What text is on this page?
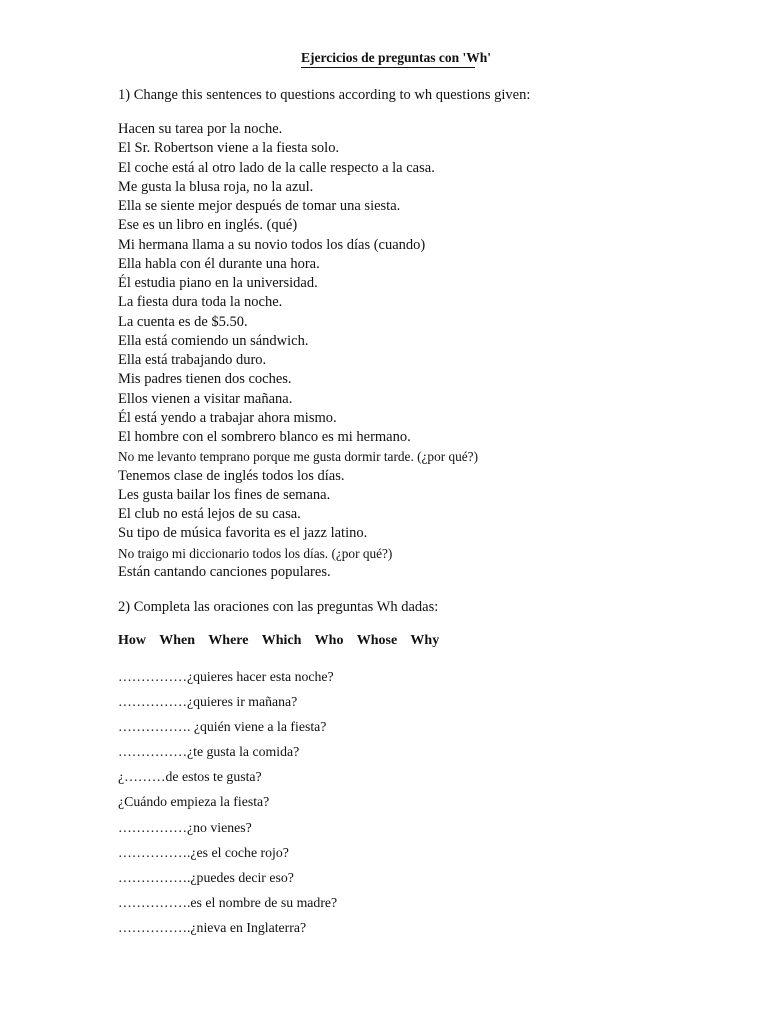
Ejercicios de preguntas con 'Wh'
1) Change this sentences to questions according to wh questions given:
Hacen su tarea por la noche.
El Sr. Robertson viene a la fiesta solo.
El coche está al otro lado de la calle respecto a la casa.
Me gusta la blusa roja, no la azul.
Ella se siente mejor después de tomar una siesta.
Ese es un libro en inglés. (qué)
Mi hermana llama a su novio todos los días (cuando)
Ella habla con él durante una hora.
Él estudia piano en la universidad.
La fiesta dura toda la noche.
La cuenta es de $5.50.
Ella está comiendo un sándwich.
Ella está trabajando duro.
Mis padres tienen dos coches.
Ellos vienen a visitar mañana.
Él está yendo a trabajar ahora mismo.
El hombre con el sombrero blanco es mi hermano.
No me levanto temprano porque me gusta dormir tarde. (¿por qué?)
Tenemos clase de inglés todos los días.
Les gusta bailar los fines de semana.
El club no está lejos de su casa.
Su tipo de música favorita es el jazz latino.
No traigo mi diccionario todos los días. (¿por qué?)
Están cantando canciones populares.
2) Completa las oraciones con las preguntas Wh dadas:
How When Where Which Who Whose Why
……………¿quieres hacer esta noche?
……………¿quieres ir mañana?
……………. ¿quién viene a la fiesta?
……………¿te gusta la comida?
¿………de estos te gusta?
¿Cuándo empieza la fiesta?
……………¿no vienes?
…………….¿es el coche rojo?
…………….¿puedes decir eso?
…………….es el nombre de su madre?
…………….¿nieva en Inglaterra?
